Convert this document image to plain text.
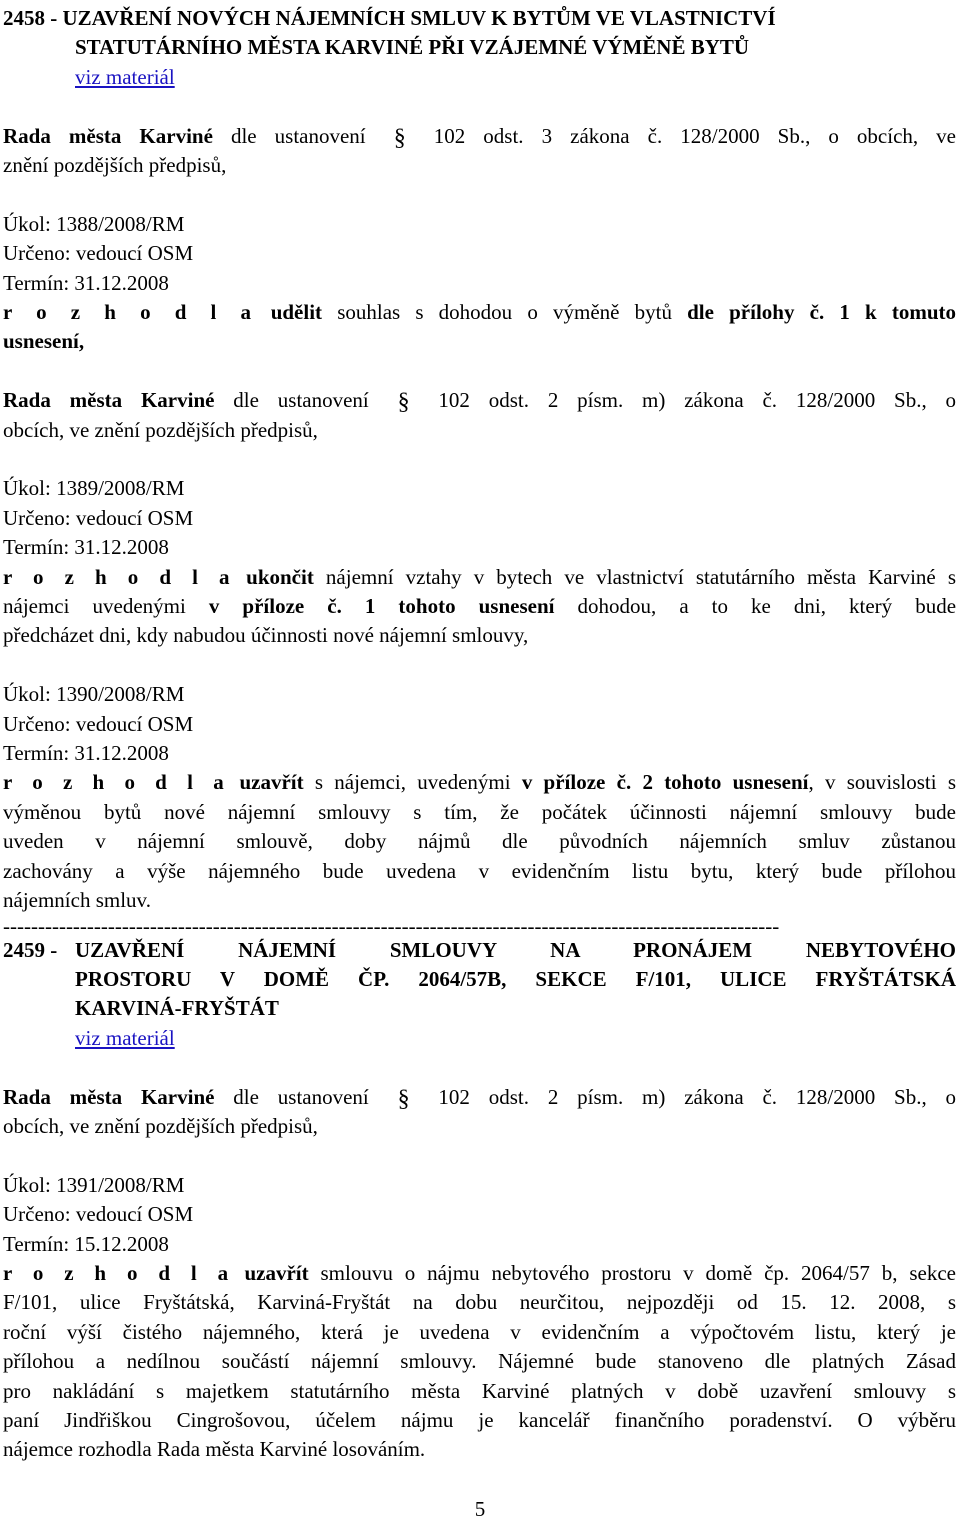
2458 - UZAVŘENÍ NOVÝCH NÁJEMNÍCH SMLUV K BYTŮM VE VLASTNICTVÍ
STATUTÁRNÍHO MĚSTA KARVINÉ PŘI VZÁJEMNÉ VÝMĚNĚ BYTŮ
viz materiál
Rada města Karviné dle ustanovení § 102 odst. 3 zákona č. 128/2000 Sb., o obcích, ve
znění pozdějších předpisů,
Úkol: 1388/2008/RM
Určeno: vedoucí OSM
Termín: 31.12.2008
r o z h o d l a udělit souhlas s dohodou o výměně bytů dle přílohy č. 1 k tomuto
usnesení,
Rada města Karviné dle ustanovení § 102 odst. 2 písm. m) zákona č. 128/2000 Sb., o
obcích, ve znění pozdějších předpisů,
Úkol: 1389/2008/RM
Určeno: vedoucí OSM
Termín: 31.12.2008
r o z h o d l a ukončit nájemní vztahy v bytech ve vlastnictví statutárního města Karviné s
nájemci uvedenými v příloze č. 1 tohoto usnesení dohodou, a to ke dni, který bude
předcházet dni, kdy nabudou účinnosti nové nájemní smlouvy,
Úkol: 1390/2008/RM
Určeno: vedoucí OSM
Termín: 31.12.2008
r o z h o d l a uzavřít s nájemci, uvedenými v příloze č. 2 tohoto usnesení, v souvislosti s
výměnou bytů nové nájemní smlouvy s tím, že počátek účinnosti nájemní smlouvy bude
uveden v nájemní smlouvě, doby nájmů dle původních nájemních smluv zůstanou
zachovány a výše nájemného bude uvedena v evidenčním listu bytu, který bude přílohou
nájemních smluv.
---------------------------------------------------------------------------------------------------------------
2459 - UZAVŘENÍ NÁJEMNÍ SMLOUVY NA PRONÁJEM NEBYTOVÉHO
PROSTORU V DOMĚ ČP. 2064/57B, SEKCE F/101, ULICE FRYŠTÁTSKÁ
KARVINÁ-FRYŠTÁT
viz materiál
Rada města Karviné dle ustanovení § 102 odst. 2 písm. m) zákona č. 128/2000 Sb., o
obcích, ve znění pozdějších předpisů,
Úkol: 1391/2008/RM
Určeno: vedoucí OSM
Termín: 15.12.2008
r o z h o d l a uzavřít smlouvu o nájmu nebytového prostoru v domě čp. 2064/57 b, sekce
F/101, ulice Fryštátská, Karviná-Fryštát na dobu neurčitou, nejpozději od 15. 12. 2008, s
roční výší čistého nájemného, která je uvedena v evidenčním a výpočtovém listu, který je
přílohou a nedílnou součástí nájemní smlouvy. Nájemné bude stanoveno dle platných Zásad
pro nakládání s majetkem statutárního města Karviné platných v době uzavření smlouvy s
paní Jindřiškou Cingrošovou, účelem nájmu je kancelář finančního poradenství. O výběru
nájemce rozhodla Rada města Karviné losováním.
5
